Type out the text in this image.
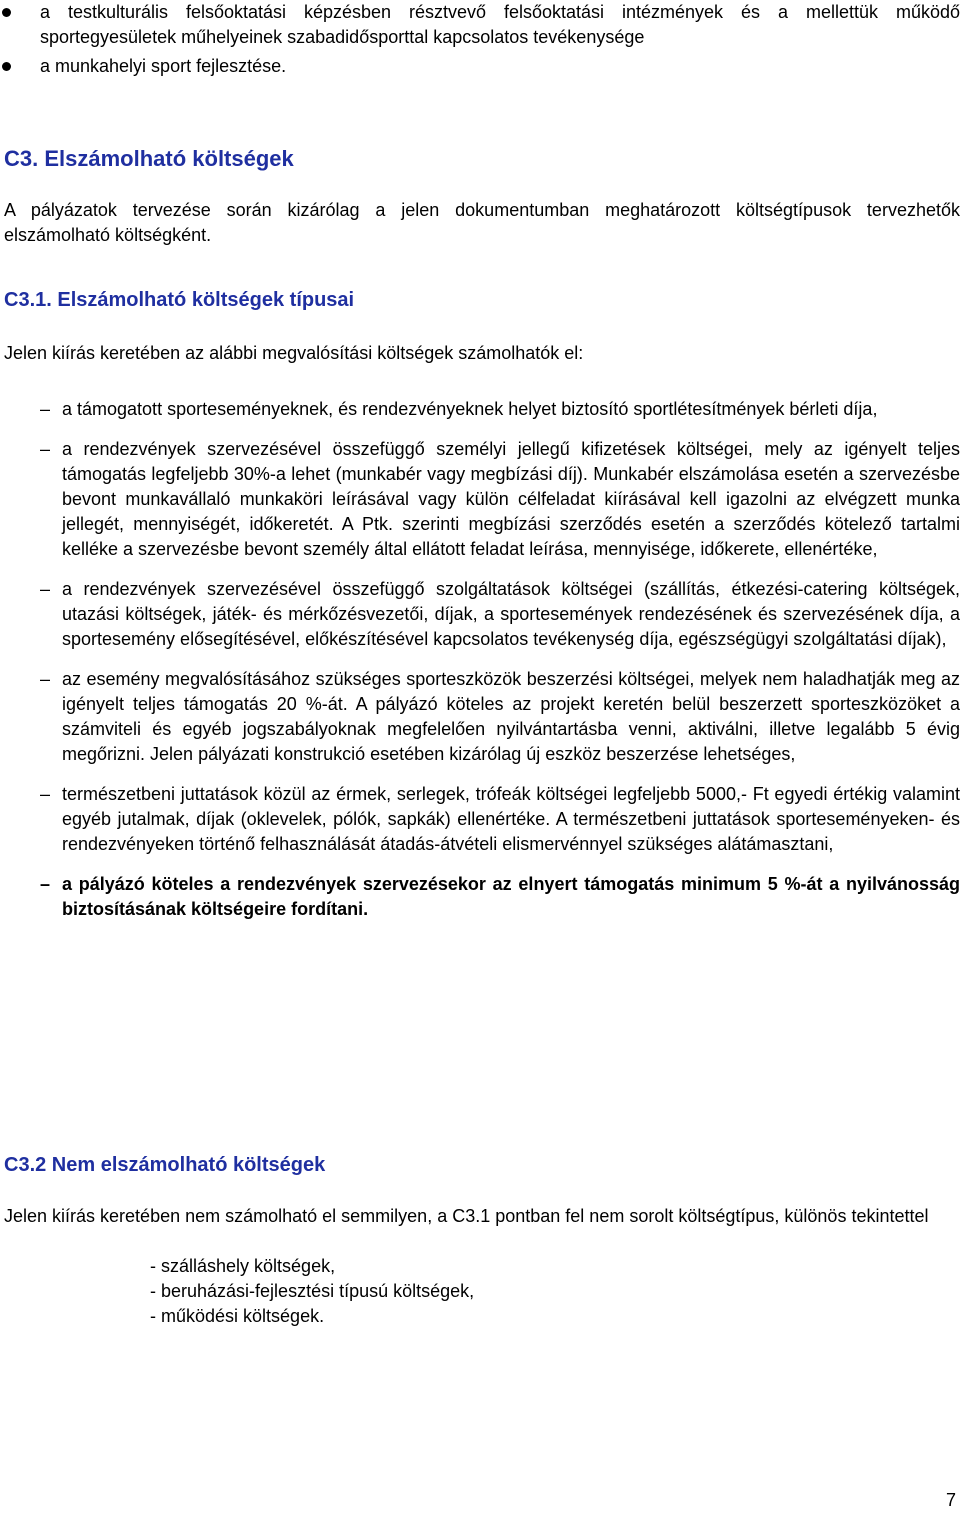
a testkulturális felsőoktatási képzésben résztvevő felsőoktatási intézmények és a mellettük működő sportegyesületek műhelyeinek szabadidősporttal kapcsolatos tevékenysége
a munkahelyi sport fejlesztése.
C3. Elszámolható költségek
A pályázatok tervezése során kizárólag a jelen dokumentumban meghatározott költségtípusok tervezhetők elszámolható költségként.
C3.1. Elszámolható költségek típusai
Jelen kiírás keretében az alábbi megvalósítási költségek számolhatók el:
– a támogatott sporteseményeknek, és rendezvényeknek helyet biztosító sportlétesítmények bérleti díja,
– a rendezvények szervezésével összefüggő személyi jellegű kifizetések költségei, mely az igényelt teljes támogatás legfeljebb 30%-a lehet (munkabér vagy megbízási díj). Munkabér elszámolása esetén a szervezésbe bevont munkavállaló munkaköri leírásával vagy külön célfeladat kiírásával kell igazolni az elvégzett munka jellegét, mennyiségét, időkeretét. A Ptk. szerinti megbízási szerződés esetén a szerződés kötelező tartalmi kelléke a szervezésbe bevont személy által ellátott feladat leírása, mennyisége, időkerete, ellenértéke,
– a rendezvények szervezésével összefüggő szolgáltatások költségei (szállítás, étkezési-catering költségek, utazási költségek, játék- és mérkőzésvezetői, díjak, a sportesemények rendezésének és szervezésének díja, a sportesemény elősegítésével, előkészítésével kapcsolatos tevékenység díja, egészségügyi szolgáltatási díjak),
– az esemény megvalósításához szükséges sporteszközök beszerzési költségei, melyek nem haladhatják meg az igényelt teljes támogatás 20 %-át. A pályázó köteles az projekt keretén belül beszerzett sporteszközöket a számviteli és egyéb jogszabályoknak megfelelően nyilvántartásba venni, aktiválni, illetve legalább 5 évig megőrizni. Jelen pályázati konstrukció esetében kizárólag új eszköz beszerzése lehetséges,
– természetbeni juttatások közül az érmek, serlegek, trófeák költségei legfeljebb 5000,- Ft egyedi értékig valamint egyéb jutalmak, díjak (oklevelek, pólók, sapkák) ellenértéke. A természetbeni juttatások sporteseményeken- és rendezvényeken történő felhasználását átadás-átvételi elismervénnyel szükséges alátámasztani,
– a pályázó köteles a rendezvények szervezésekor az elnyert támogatás minimum 5 %-át a nyilvánosság biztosításának költségeire fordítani.
C3.2 Nem elszámolható költségek
Jelen kiírás keretében nem számolható el semmilyen, a C3.1 pontban fel nem sorolt költségtípus, különös tekintettel
- szálláshely költségek,
- beruházási-fejlesztési típusú költségek,
- működési költségek.
7
